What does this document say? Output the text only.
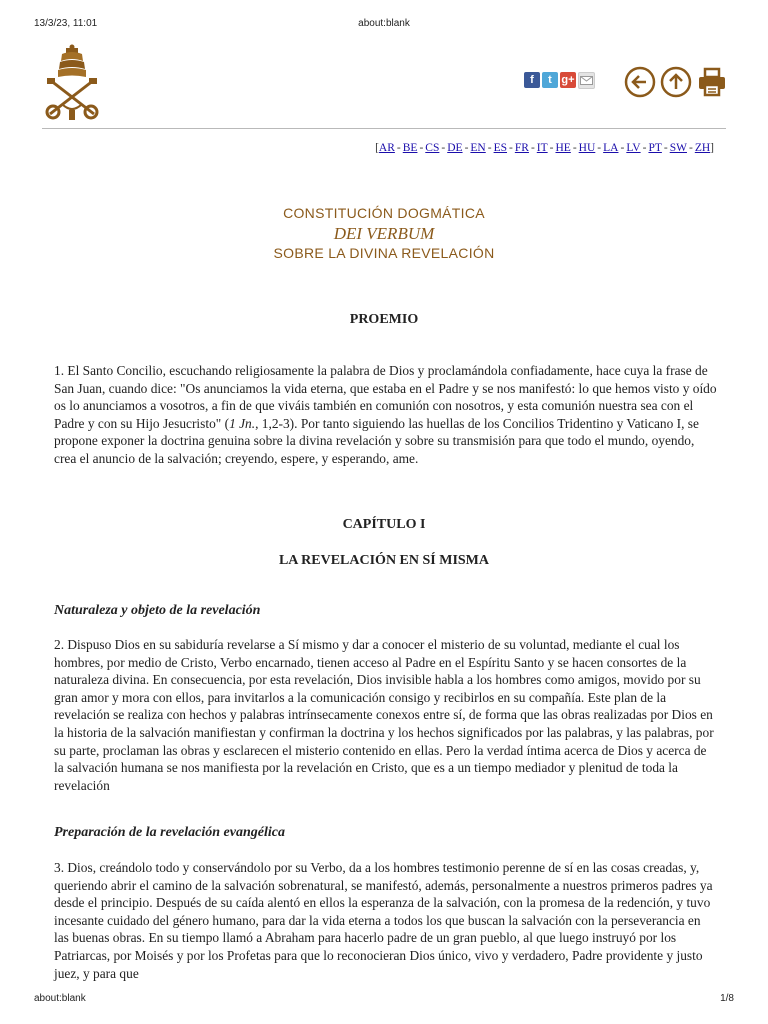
13/3/23, 11:01	about:blank
f	t g+
[AR - BE - CS - DE - EN - ES - FR - IT - HE - HU - LA - LV - PT - SW - ZH]
CONSTITUCIÓN DOGMÁTICA
DEI VERBUM
SOBRE LA DIVINA REVELACIÓN
PROEMIO
1. El Santo Concilio, escuchando religiosamente la palabra de Dios y proclamándola confiadamente, hace cuya la frase de San Juan, cuando dice: "Os anunciamos la vida eterna, que estaba en el Padre y se nos manifestó: lo que hemos visto y oído os lo anunciamos a vosotros, a fin de que viváis también en comunión con nosotros, y esta comunión nuestra sea con el Padre y con su Hijo Jesucristo" (1 Jn., 1,2-3). Por tanto siguiendo las huellas de los Concilios Tridentino y Vaticano I, se propone exponer la doctrina genuina sobre la divina revelación y sobre su transmisión para que todo el mundo, oyendo, crea el anuncio de la salvación; creyendo, espere, y esperando, ame.
CAPÍTULO I
LA REVELACIÓN EN SÍ MISMA
Naturaleza y objeto de la revelación
2. Dispuso Dios en su sabiduría revelarse a Sí mismo y dar a conocer el misterio de su voluntad, mediante el cual los hombres, por medio de Cristo, Verbo encarnado, tienen acceso al Padre en el Espíritu Santo y se hacen consortes de la naturaleza divina. En consecuencia, por esta revelación, Dios invisible habla a los hombres como amigos, movido por su gran amor y mora con ellos, para invitarlos a la comunicación consigo y recibirlos en su compañía. Este plan de la revelación se realiza con hechos y palabras intrínsecamente conexos entre sí, de forma que las obras realizadas por Dios en la historia de la salvación manifiestan y confirman la doctrina y los hechos significados por las palabras, y las palabras, por su parte, proclaman las obras y esclarecen el misterio contenido en ellas. Pero la verdad íntima acerca de Dios y acerca de la salvación humana se nos manifiesta por la revelación en Cristo, que es a un tiempo mediador y plenitud de toda la revelación
Preparación de la revelación evangélica
3. Dios, creándolo todo y conservándolo por su Verbo, da a los hombres testimonio perenne de sí en las cosas creadas, y, queriendo abrir el camino de la salvación sobrenatural, se manifestó, además, personalmente a nuestros primeros padres ya desde el principio. Después de su caída alentó en ellos la esperanza de la salvación, con la promesa de la redención, y tuvo incesante cuidado del género humano, para dar la vida eterna a todos los que buscan la salvación con la perseverancia en las buenas obras. En su tiempo llamó a Abraham para hacerlo padre de un gran pueblo, al que luego instruyó por los Patriarcas, por Moisés y por los Profetas para que lo reconocieran Dios único, vivo y verdadero, Padre providente y justo juez, y para que
about:blank	1/8
